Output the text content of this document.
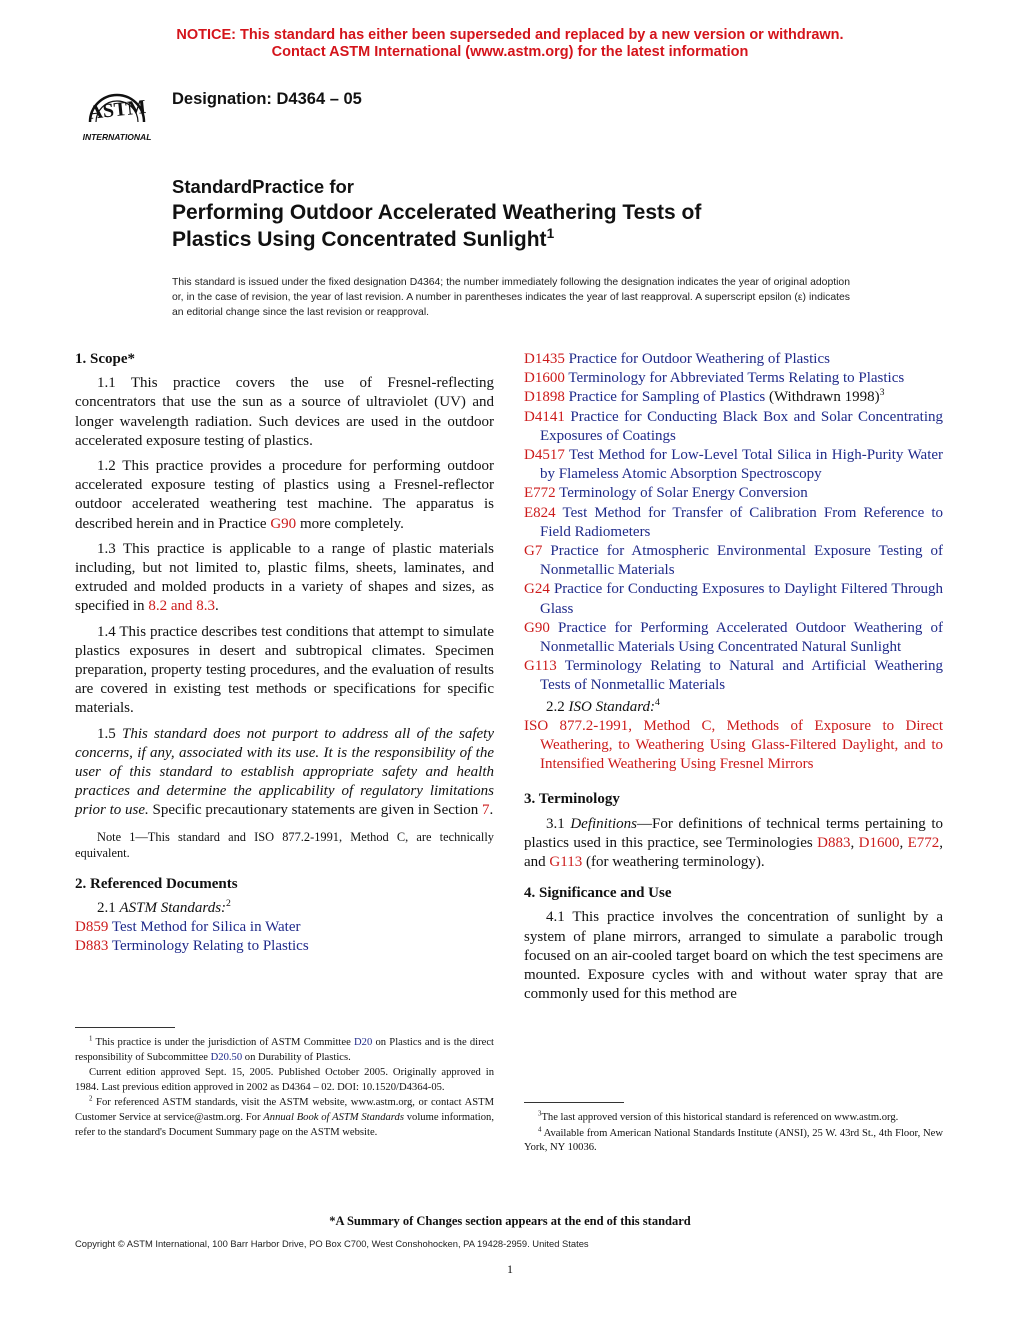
NOTICE: This standard has either been superseded and replaced by a new version or withdrawn.
Contact ASTM International (www.astm.org) for the latest information
ASTM
INTERNATIONAL
Designation: D4364 – 05
StandardPractice for
Performing Outdoor Accelerated Weathering Tests of
Plastics Using Concentrated Sunlight$^1$
This standard is issued under the fixed designation D4364; the number immediately following the designation indicates the year of original adoption or, in the case of revision, the year of last revision. A number in parentheses indicates the year of last reapproval. A superscript epsilon (ε) indicates an editorial change since the last revision or reapproval.
1. Scope*

1.1 This practice covers the use of Fresnel-reflecting concentrators that use the sun as a source of ultraviolet (UV) and longer wavelength radiation. Such devices are used in the outdoor accelerated exposure testing of plastics.

1.2 This practice provides a procedure for performing outdoor accelerated exposure testing of plastics using a Fresnel-reflector outdoor accelerated weathering test machine. The apparatus is described herein and in Practice G90 more completely.

1.3 This practice is applicable to a range of plastic materials including, but not limited to, plastic films, sheets, laminates, and extruded and molded products in a variety of shapes and sizes, as specified in 8.2 and 8.3.

1.4 This practice describes test conditions that attempt to simulate plastics exposures in desert and subtropical climates. Specimen preparation, property testing procedures, and the evaluation of results are covered in existing test methods or specifications for specific materials.

1.5 This standard does not purport to address all of the safety concerns, if any, associated with its use. It is the responsibility of the user of this standard to establish appropriate safety and health practices and determine the applicability of regulatory limitations prior to use. Specific precautionary statements are given in Section 7.

Note 1—This standard and ISO 877.2-1991, Method C, are technically equivalent.
2. Referenced Documents

2.1 ASTM Standards:$^2$

D859 Test Method for Silica in Water
D883 Terminology Relating to Plastics

$^1$ This practice is under the jurisdiction of ASTM Committee D20 on Plastics and is the direct responsibility of Subcommittee D20.50 on Durability of Plastics.

Current edition approved Sept. 15, 2005. Published October 2005. Originally approved in 1984. Last previous edition approved in 2002 as D4364 – 02. DOI: 10.1520/D4364-05.

$^2$ For referenced ASTM standards, visit the ASTM website, www.astm.org, or contact ASTM Customer Service at service@astm.org. For Annual Book of ASTM Standards volume information, refer to the standard's Document Summary page on the ASTM website.

D1435 Practice for Outdoor Weathering of Plastics
D1600 Terminology for Abbreviated Terms Relating to Plastics
D1898 Practice for Sampling of Plastics (Withdrawn 1998)$^3$
D4141 Practice for Conducting Black Box and Solar Concentrating Exposures of Coatings
D4517 Test Method for Low-Level Total Silica in High-Purity Water by Flameless Atomic Absorption Spectroscopy
E772 Terminology of Solar Energy Conversion
E824 Test Method for Transfer of Calibration From Reference to Field Radiometers
G7 Practice for Atmospheric Environmental Exposure Testing of Nonmetallic Materials
G24 Practice for Conducting Exposures to Daylight Filtered Through Glass
G90 Practice for Performing Accelerated Outdoor Weathering of Nonmetallic Materials Using Concentrated Natural Sunlight
G113 Terminology Relating to Natural and Artificial Weathering Tests of Nonmetallic Materials

2.2 ISO Standard:$^4$

ISO 877.2-1991, Method C, Methods of Exposure to Direct Weathering, to Weathering Using Glass-Filtered Daylight, and to Intensified Weathering Using Fresnel Mirrors
3. Terminology

3.1 Definitions—For definitions of technical terms pertaining to plastics used in this practice, see Terminologies D883, D1600, E772, and G113 (for weathering terminology).

4. Significance and Use

4.1 This practice involves the concentration of sunlight by a system of plane mirrors, arranged to simulate a parabolic trough focused on an air-cooled target board on which the test specimens are mounted. Exposure cycles with and without water spray that are commonly used for this method are

$^3$The last approved version of this historical standard is referenced on www.astm.org.

$^4$ Available from American National Standards Institute (ANSI), 25 W. 43rd St., 4th Floor, New York, NY 10036.

*A Summary of Changes section appears at the end of this standard
Copyright © ASTM International, 100 Barr Harbor Drive, PO Box C700, West Conshohocken, PA 19428-2959. United States
1
